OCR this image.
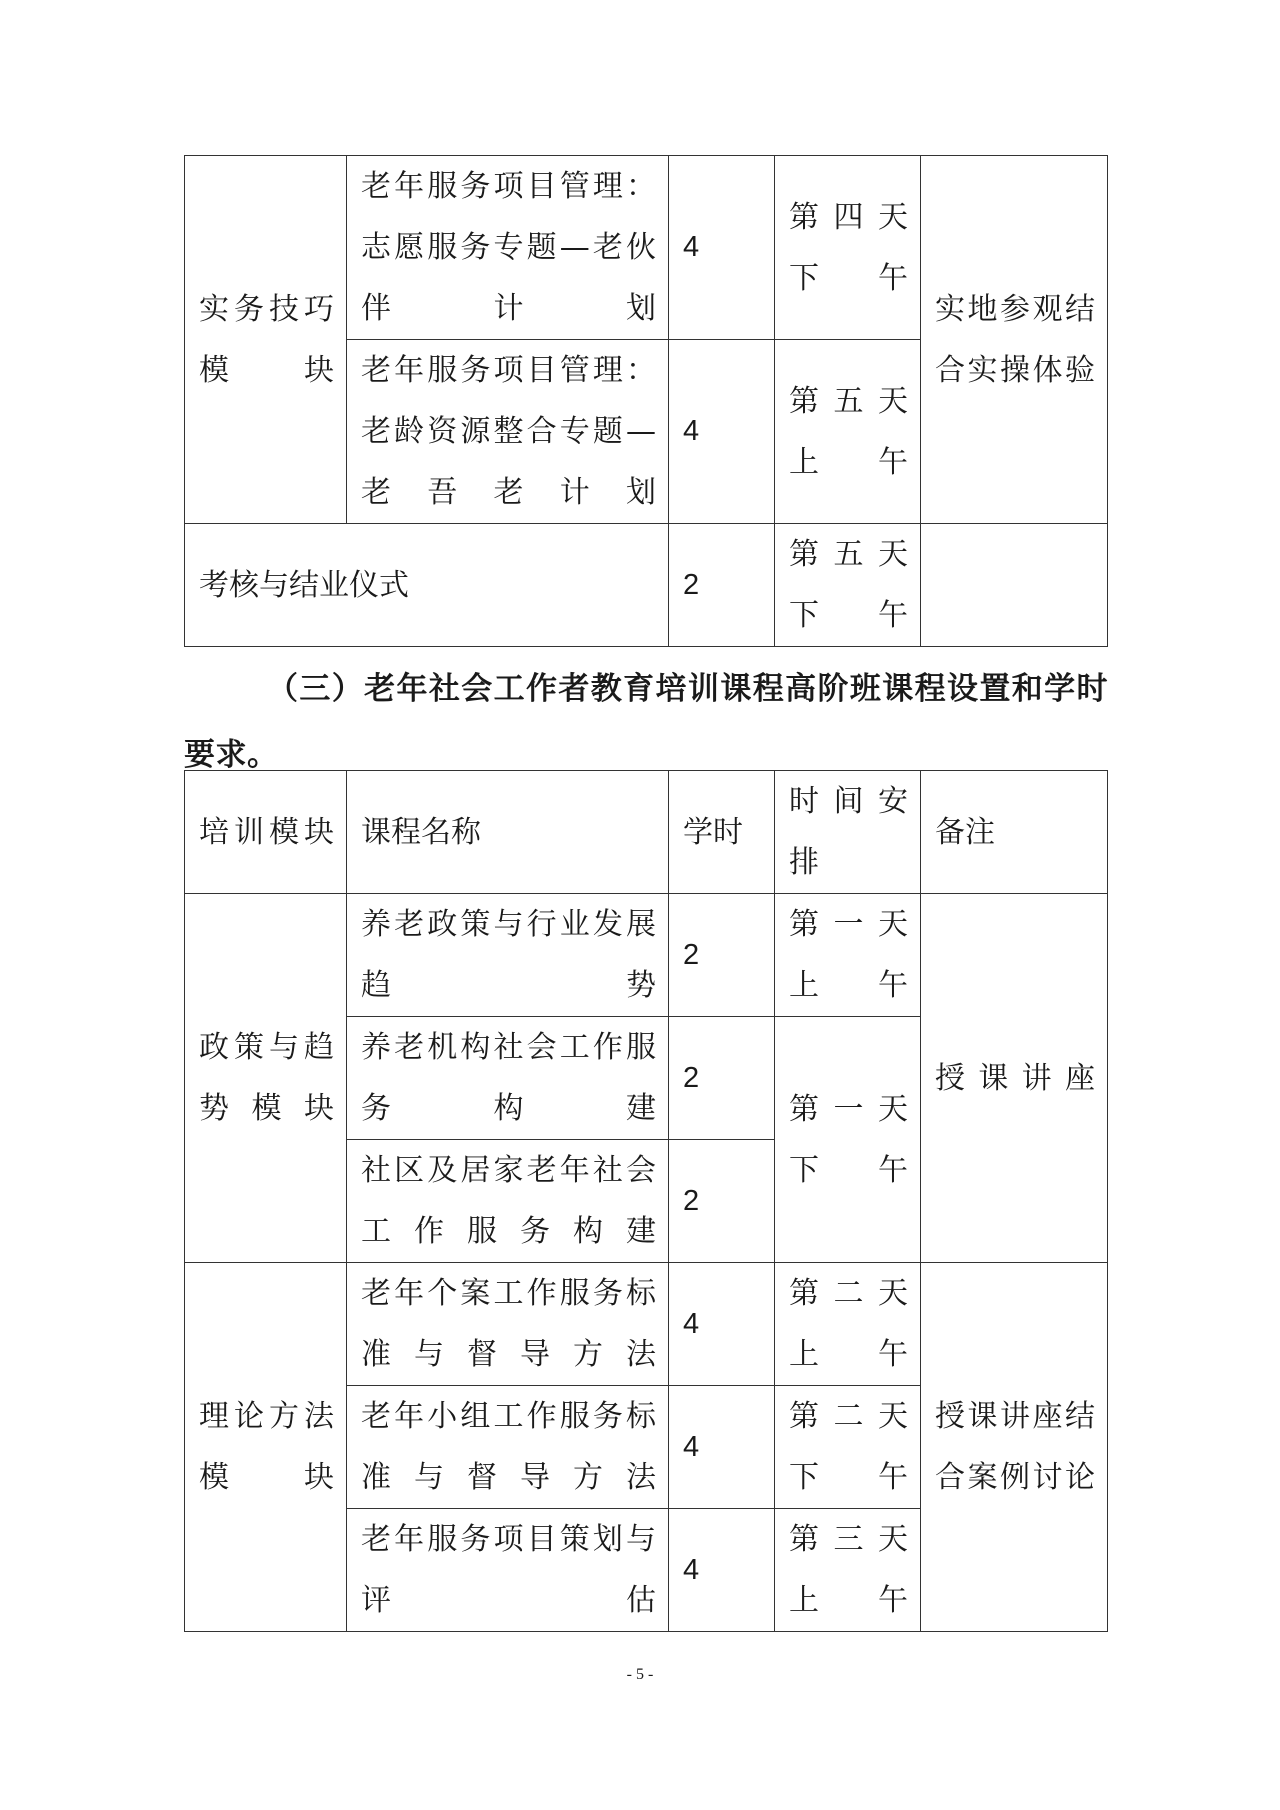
实务技巧模块	老年服务项目管理：志愿服务专题—老伙伴计划	4	第四天下午	实地参观结合实操体验
	老年服务项目管理：老龄资源整合专题—老吾老计划	4	第五天上午	
考核与结业仪式		2	第五天下午	
（三）老年社会工作者教育培训课程高阶班课程设置和学时要求。
培训模块	课程名称	学时	时间安排	备注
政策与趋势模块	养老政策与行业发展趋势	2	第一天上午	授课讲座
	养老机构社会工作服务构建	2	第一天下午	
	社区及居家老年社会工作服务构建	2		
理论方法模块	老年个案工作服务标准与督导方法	4	第二天上午	授课讲座结合案例讨论
	老年小组工作服务标准与督导方法	4	第二天下午	
	老年服务项目策划与评估	4	第三天上午	
- 5 -
